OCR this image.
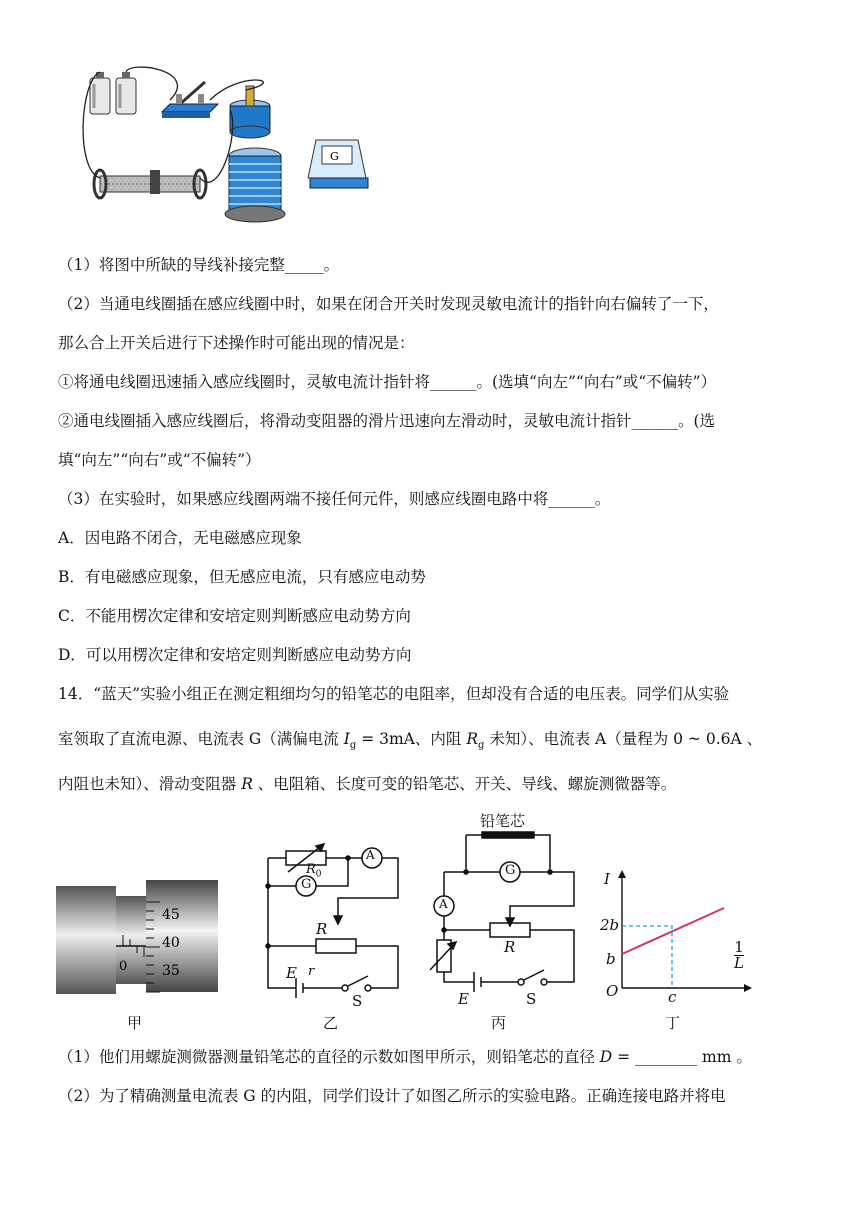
G
（1）将图中所缺的导线补接完整_____。
（2）当通电线圈插在感应线圈中时，如果在闭合开关时发现灵敏电流计的指针向右偏转了一下，
那么合上开关后进行下述操作时可能出现的情况是：
①将通电线圈迅速插入感应线圈时，灵敏电流计指针将______。(选填“向左”“向右”或“不偏转”）
②通电线圈插入感应线圈后，将滑动变阻器的滑片迅速向左滑动时，灵敏电流计指针______。(选
填“向左”“向右”或“不偏转”）
（3）在实验时，如果感应线圈两端不接任何元件，则感应线圈电路中将______。
A．因电路不闭合，无电磁感应现象
B．有电磁感应现象，但无感应电流，只有感应电动势
C．不能用楞次定律和安培定则判断感应电动势方向
D．可以用楞次定律和安培定则判断感应电动势方向
14．“蓝天”实验小组正在测定粗细均匀的铅笔芯的电阻率，但却没有合适的电压表。同学们从实验
室领取了直流电源、电流表 G（满偏电流 $I_g = 3mA$、内阻 $R_g$ 未知）、电流表 A（量程为 0 ~ 0.6A 、
内阻也未知）、滑动变阻器 R 、电阻箱、长度可变的铅笔芯、开关、导线、螺旋测微器等。
0
45
40
35
甲
A
G
$R_0$
R
E r
S
乙
铅笔芯
A
G
R
E	S
丙
I
2b
b
O	c
1
L
丁
（1）他们用螺旋测微器测量铅笔芯的直径的示数如图甲所示，则铅笔芯的直径 D = ________ mm 。
（2）为了精确测量电流表 G 的内阻，同学们设计了如图乙所示的实验电路。正确连接电路并将电
